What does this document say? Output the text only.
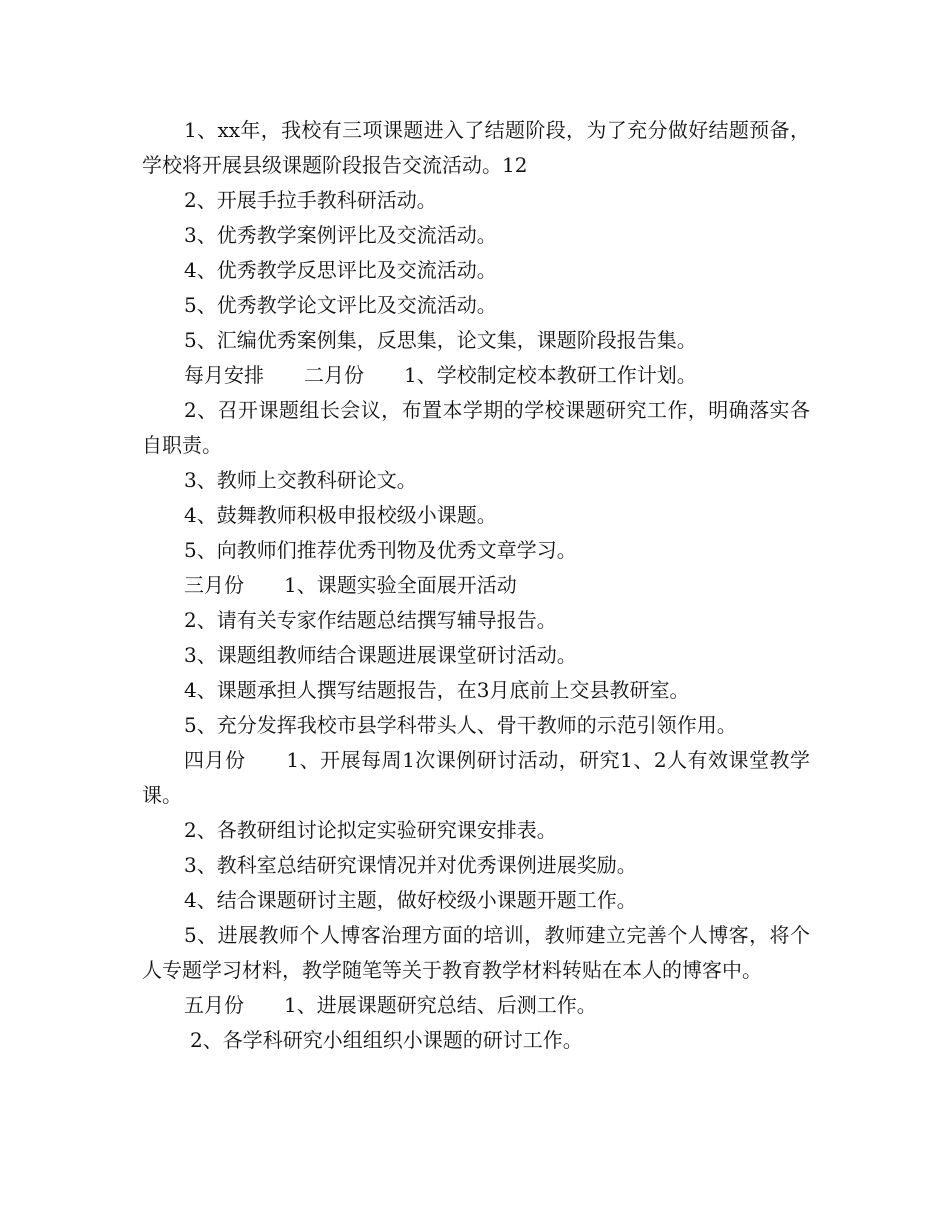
1、xx年，我校有三项课题进入了结题阶段，为了充分做好结题预备，学校将开展县级课题阶段报告交流活动。12

2、开展手拉手教科研活动。

3、优秀教学案例评比及交流活动。

4、优秀教学反思评比及交流活动。

5、优秀教学论文评比及交流活动。

5、汇编优秀案例集，反思集，论文集，课题阶段报告集。

每月安排　　二月份　　1、学校制定校本教研工作计划。

2、召开课题组长会议，布置本学期的学校课题研究工作，明确落实各自职责。

3、教师上交教科研论文。

4、鼓舞教师积极申报校级小课题。

5、向教师们推荐优秀刊物及优秀文章学习。

三月份　　1、课题实验全面展开活动

2、请有关专家作结题总结撰写辅导报告。

3、课题组教师结合课题进展课堂研讨活动。

4、课题承担人撰写结题报告，在3月底前上交县教研室。

5、充分发挥我校市县学科带头人、骨干教师的示范引领作用。

四月份　　1、开展每周1次课例研讨活动，研究1、2人有效课堂教学课。

2、各教研组讨论拟定实验研究课安排表。

3、教科室总结研究课情况并对优秀课例进展奖励。

4、结合课题研讨主题，做好校级小课题开题工作。

5、进展教师个人博客治理方面的培训，教师建立完善个人博客，将个人专题学习材料，教学随笔等关于教育教学材料转贴在本人的博客中。

五月份　　1、进展课题研究总结、后测工作。

2、各学科研究小组组织小课题的研讨工作。
